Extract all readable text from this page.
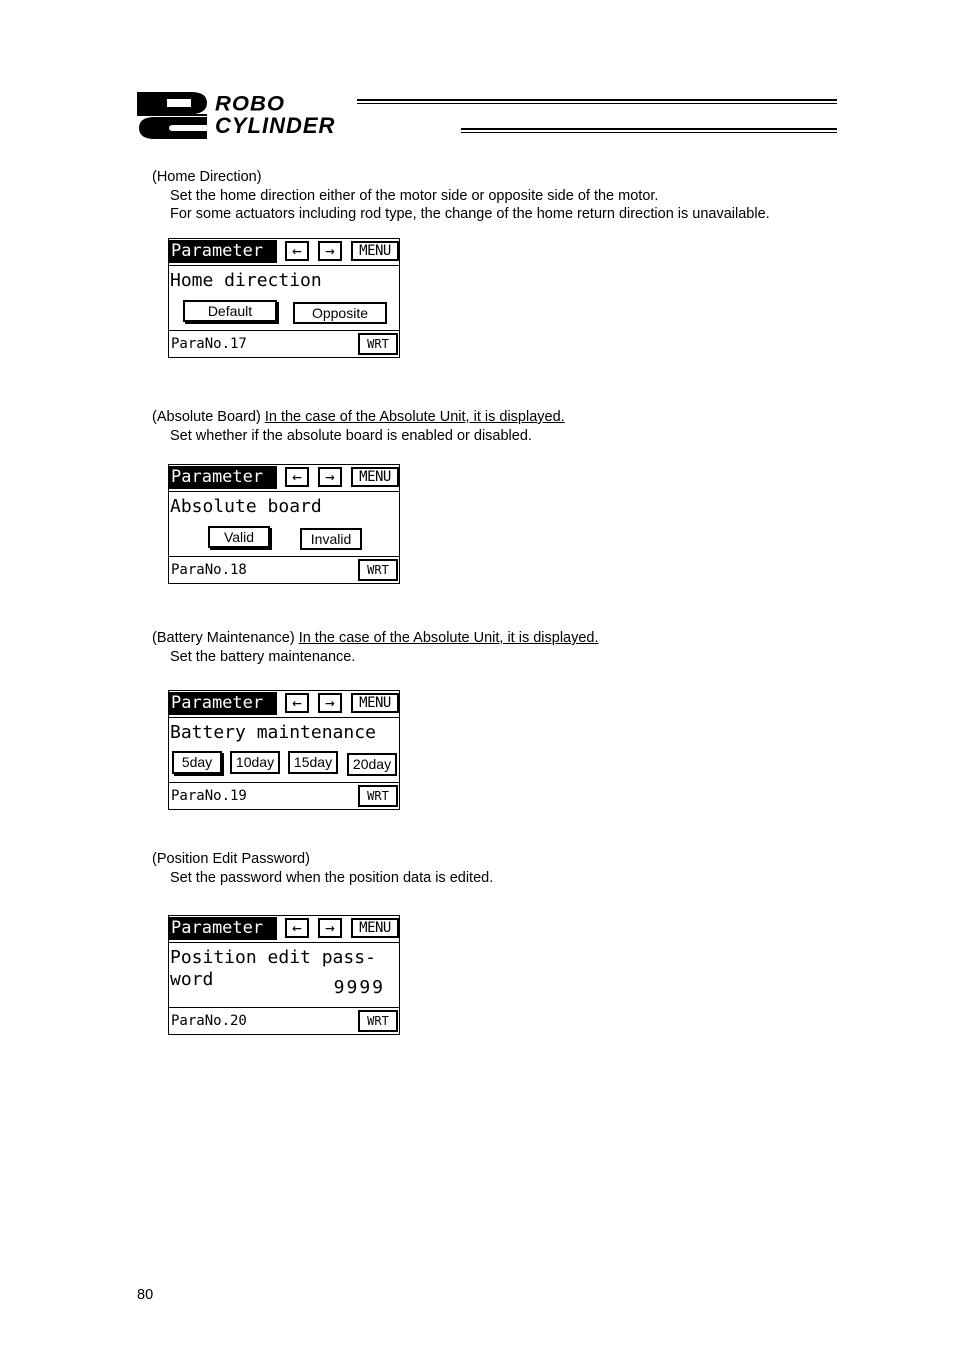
ROBO
CYLINDER
(Home Direction)
Set the home direction either of the motor side or opposite side of the motor.
For some actuators including rod type, the change of the home return direction is unavailable.
Parameter	←	→	MENU
Home direction
Default	Opposite
ParaNo.17	WRT
(Absolute Board) In the case of the Absolute Unit, it is displayed.
Set whether if the absolute board is enabled or disabled.
Parameter	←	→	MENU
Absolute board
Valid	Invalid
ParaNo.18	WRT
(Battery Maintenance) In the case of the Absolute Unit, it is displayed.
Set the battery maintenance.
Parameter	←	→	MENU
Battery maintenance
5day	10day	15day	20day
ParaNo.19	WRT
(Position Edit Password)
Set the password when the position data is edited.
Parameter	←	→	MENU
Position edit pass-
word	9999
ParaNo.20	WRT
80
